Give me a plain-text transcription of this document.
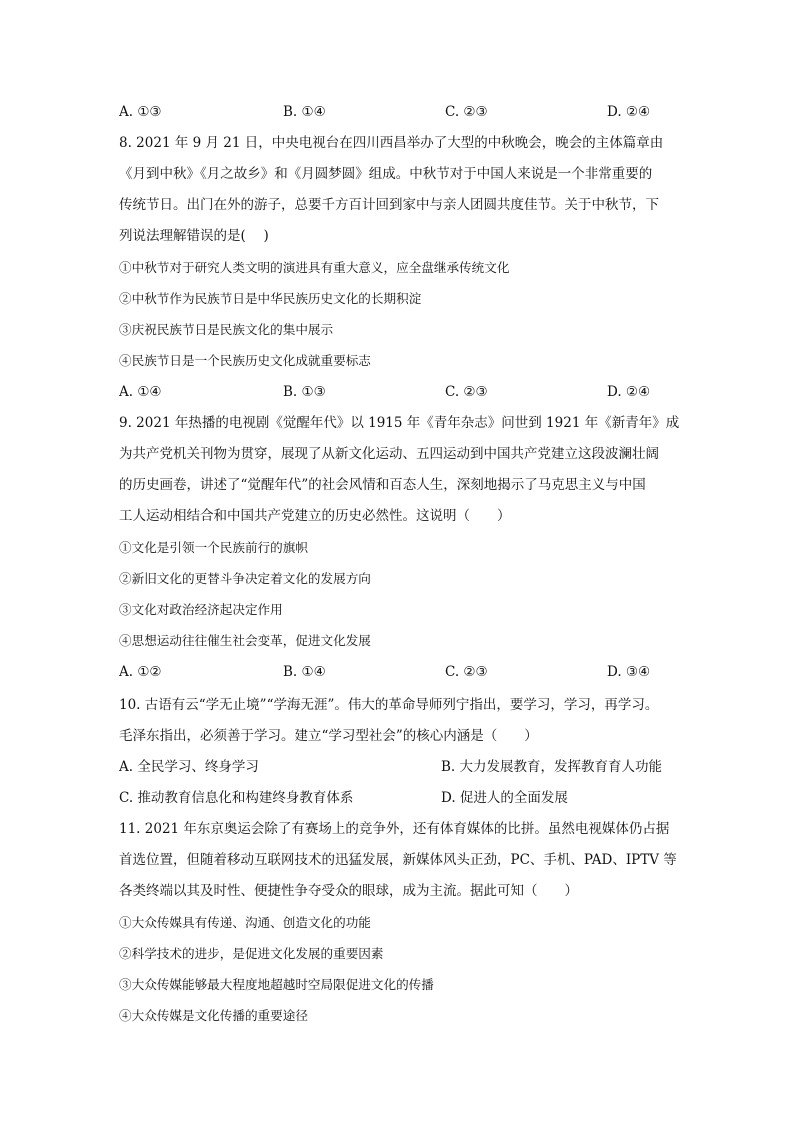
A. ①③	B. ①④	C. ②③	D. ②④
8. 2021 年 9 月 21 日，中央电视台在四川西昌举办了大型的中秋晚会，晚会的主体篇章由
《月到中秋》《月之故乡》和《月圆梦圆》组成。中秋节对于中国人来说是一个非常重要的
传统节日。出门在外的游子，总要千方百计回到家中与亲人团圆共度佳节。关于中秋节，下
列说法理解错误的是(　 )
①中秋节对于研究人类文明的演进具有重大意义，应全盘继承传统文化
②中秋节作为民族节日是中华民族历史文化的长期积淀
③庆祝民族节日是民族文化的集中展示
④民族节日是一个民族历史文化成就重要标志
A. ①④	B. ①③	C. ②③	D. ②④
9. 2021 年热播的电视剧《觉醒年代》以 1915 年《青年杂志》问世到 1921 年《新青年》成
为共产党机关刊物为贯穿，展现了从新文化运动、五四运动到中国共产党建立这段波澜壮阔
的历史画卷，讲述了“觉醒年代”的社会风情和百态人生，深刻地揭示了马克思主义与中国
工人运动相结合和中国共产党建立的历史必然性。这说明（　　）
①文化是引领一个民族前行的旗帜
②新旧文化的更替斗争决定着文化的发展方向
③文化对政治经济起决定作用
④思想运动往往催生社会变革，促进文化发展
A. ①②	B. ①④	C. ②③	D. ③④
10. 古语有云“学无止境”“学海无涯”。伟大的革命导师列宁指出，要学习，学习，再学习。
毛泽东指出，必须善于学习。建立“学习型社会”的核心内涵是（　　）
A. 全民学习、终身学习	B. 大力发展教育，发挥教育育人功能
C. 推动教育信息化和构建终身教育体系	D. 促进人的全面发展
11. 2021 年东京奥运会除了有赛场上的竞争外，还有体育媒体的比拼。虽然电视媒体仍占据
首选位置，但随着移动互联网技术的迅猛发展，新媒体风头正劲，PC、手机、PAD、IPTV 等
各类终端以其及时性、便捷性争夺受众的眼球，成为主流。据此可知（　　）
①大众传媒具有传递、沟通、创造文化的功能
②科学技术的进步，是促进文化发展的重要因素
③大众传媒能够最大程度地超越时空局限促进文化的传播
④大众传媒是文化传播的重要途径
